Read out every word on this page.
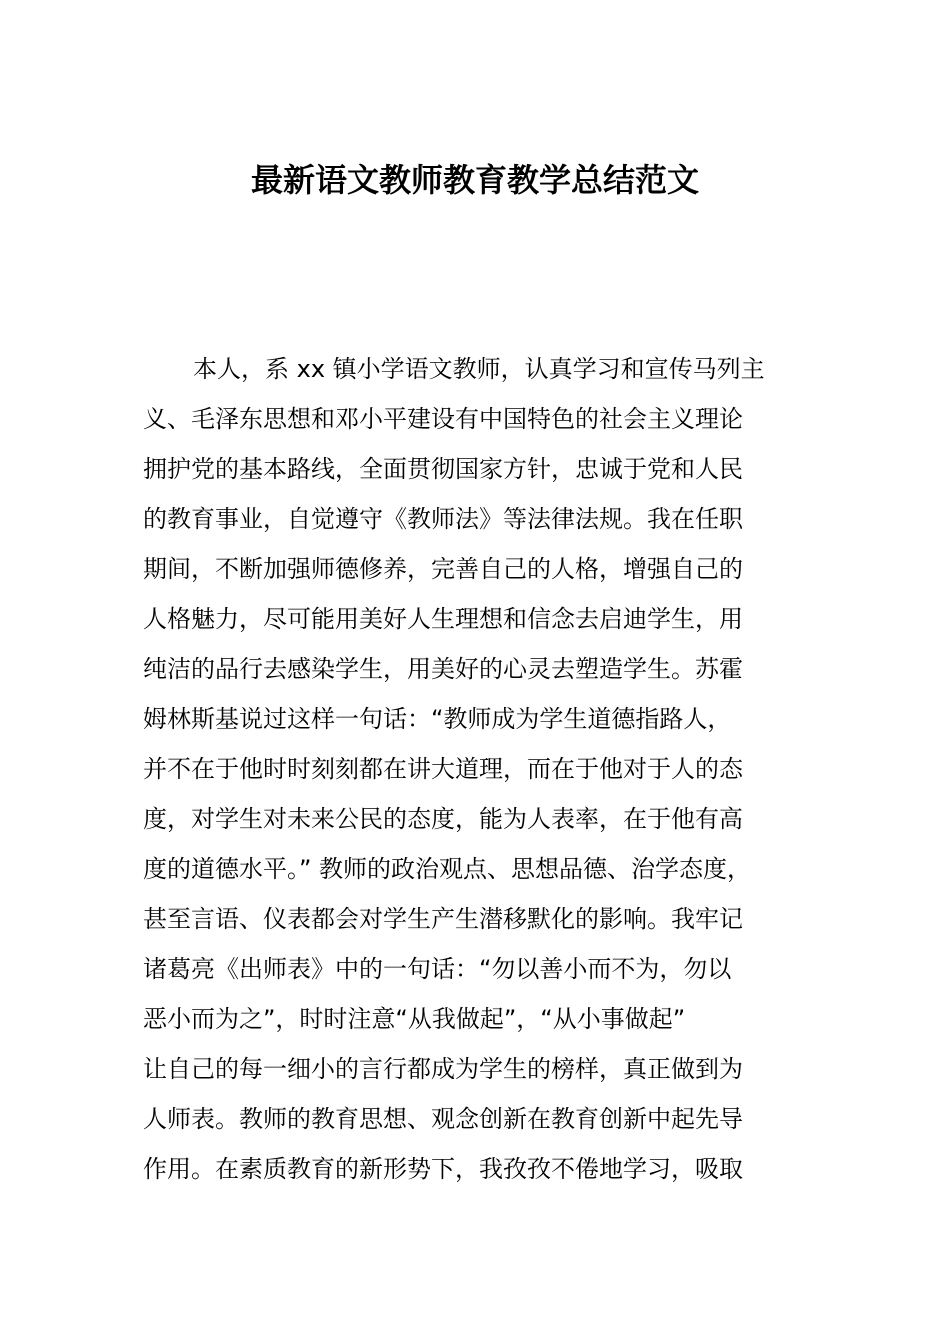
最新语文教师教育教学总结范文
本人，系 xx 镇小学语文教师，认真学习和宣传马列主
义、毛泽东思想和邓小平建设有中国特色的社会主义理论
拥护党的基本路线，全面贯彻国家方针，忠诚于党和人民
的教育事业，自觉遵守《教师法》等法律法规。我在任职
期间，不断加强师德修养，完善自己的人格，增强自己的
人格魅力，尽可能用美好人生理想和信念去启迪学生，用
纯洁的品行去感染学生，用美好的心灵去塑造学生。苏霍
姆林斯基说过这样一句话：“教师成为学生道德指路人，
并不在于他时时刻刻都在讲大道理，而在于他对于人的态
度，对学生对未来公民的态度，能为人表率，在于他有高
度的道德水平。” 教师的政治观点、思想品德、治学态度，
甚至言语、仪表都会对学生产生潜移默化的影响。我牢记
诸葛亮《出师表》中的一句话：“勿以善小而不为，勿以
恶小而为之”，时时注意“从我做起”，“从小事做起”
让自己的每一细小的言行都成为学生的榜样，真正做到为
人师表。教师的教育思想、观念创新在教育创新中起先导
作用。在素质教育的新形势下，我孜孜不倦地学习，吸取
